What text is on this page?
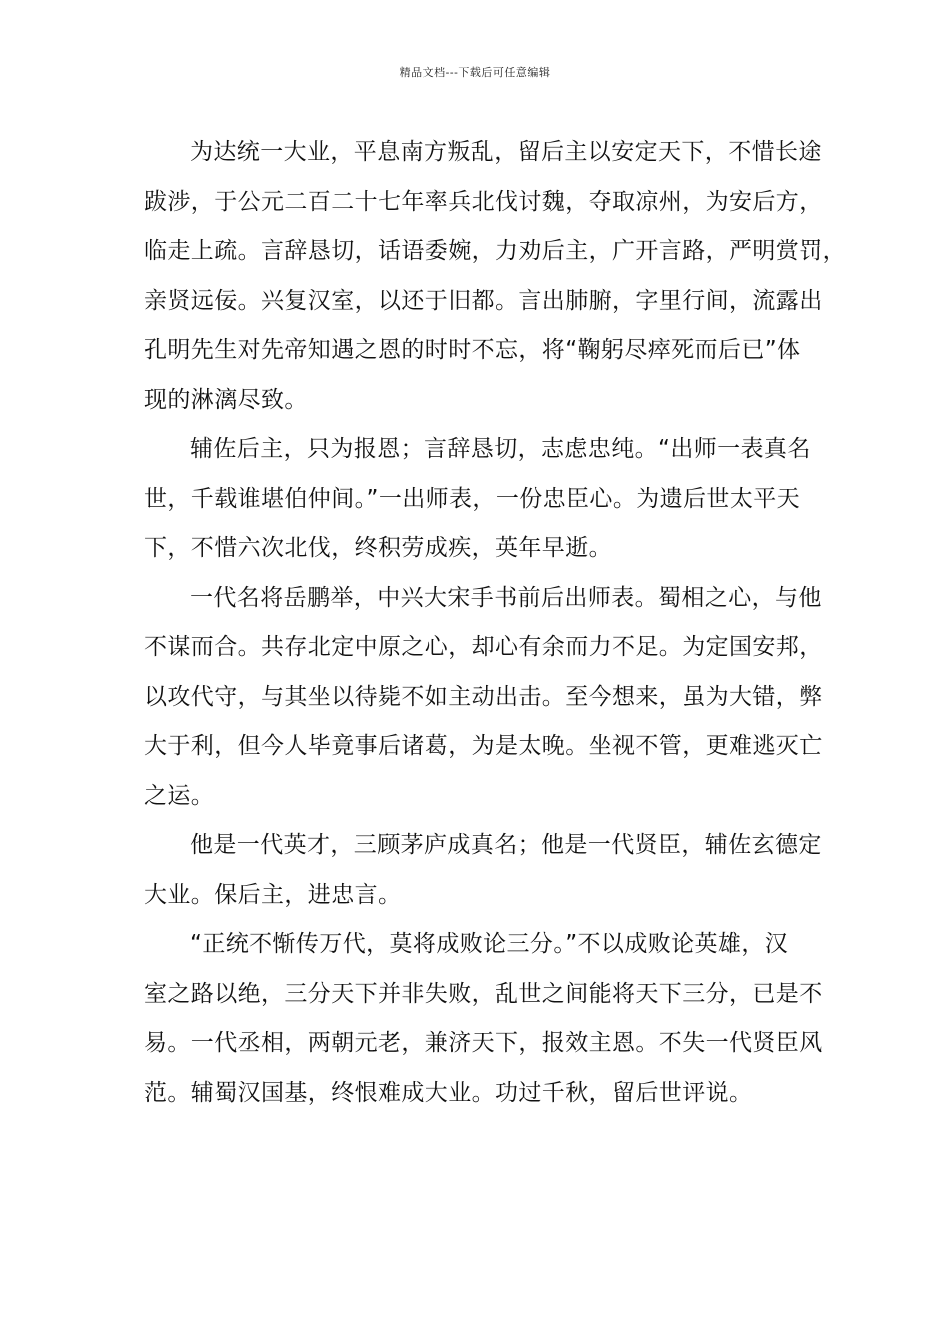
精品文档---下载后可任意编辑
为达统一大业，平息南方叛乱，留后主以安定天下，不惜长途
跋涉，于公元二百二十七年率兵北伐讨魏，夺取凉州，为安后方，
临走上疏。言辞恳切，话语委婉，力劝后主，广开言路，严明赏罚，
亲贤远佞。兴复汉室，以还于旧都。言出肺腑，字里行间，流露出
孔明先生对先帝知遇之恩的时时不忘，将“鞠躬尽瘁死而后已”体
现的淋漓尽致。
辅佐后主，只为报恩；言辞恳切，志虑忠纯。“出师一表真名
世，千载谁堪伯仲间。”一出师表，一份忠臣心。为遗后世太平天
下，不惜六次北伐，终积劳成疾，英年早逝。
一代名将岳鹏举，中兴大宋手书前后出师表。蜀相之心，与他
不谋而合。共存北定中原之心，却心有余而力不足。为定国安邦，
以攻代守，与其坐以待毙不如主动出击。至今想来，虽为大错，弊
大于利，但今人毕竟事后诸葛，为是太晚。坐视不管，更难逃灭亡
之运。
他是一代英才，三顾茅庐成真名；他是一代贤臣，辅佐玄德定
大业。保后主，进忠言。
“正统不惭传万代，莫将成败论三分。”不以成败论英雄，汉
室之路以绝，三分天下并非失败，乱世之间能将天下三分，已是不
易。一代丞相，两朝元老，兼济天下，报效主恩。不失一代贤臣风
范。辅蜀汉国基，终恨难成大业。功过千秋，留后世评说。
